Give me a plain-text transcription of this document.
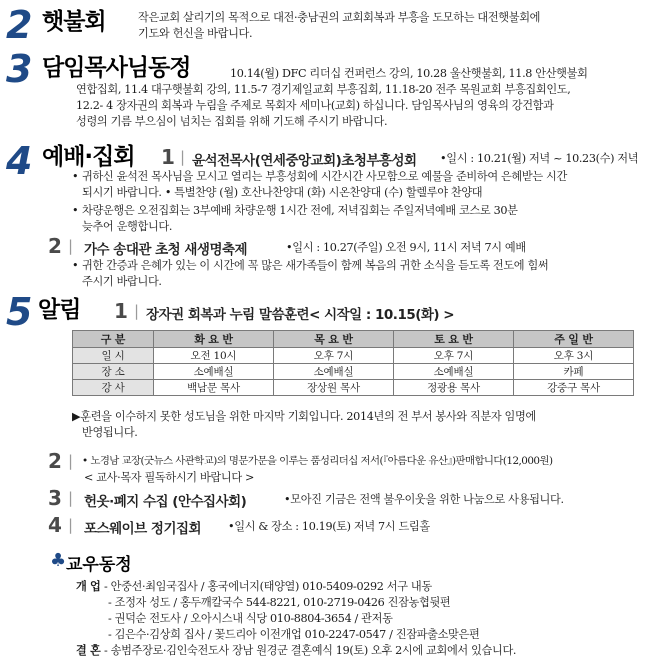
2 햇불회	작은교회 살리기의 목적으로 대전·충남권의 교회회복과 부흥을 도모하는 대전햇불회에
기도와 헌신을 바랍니다.
3 담임목사님동정	10.14(월) DFC 리더십 컨퍼런스 강의, 10.28 울산햇불회, 11.8 안산햇불회
연합집회, 11.4 대구햇불회 강의, 11.5-7 경기제일교회 부흥집회, 11.18-20 전주 목원교회 부흥집회인도,
12.2- 4 장자권의 회복과 누림을 주제로 목회자 세미나(교회) 하십니다. 담임목사님의 영육의 강건함과
성령의 기름 부으심이 넘치는 집회를 위해 기도해 주시기 바랍니다.
4 예배·집회 1 | 윤석전목사(연세중앙교회)초청부흥성회 •일시 : 10.21(월) 저녁 ~ 10.23(수) 저녁
• 귀하신 윤석전 목사님을 모시고 열리는 부흥성회에 시간시간 사모함으로 예물을 준비하여 은혜받는 시간
되시기 바랍니다. • 특별찬양 (월) 호산나찬양대 (화) 시온찬양대 (수) 할렐루야 찬양대
• 차량운행은 오전집회는 3부예배 차량운행 1시간 전에, 저녁집회는 주일저녁예배 코스로 30분
늦추어 운행합니다.
2 | 가수 송대관 초청 새생명축제	•일시 : 10.27(주일) 오전 9시, 11시 저녁 7시 예배
• 귀한 간증과 은혜가 있는 이 시간에 꼭 많은 새가족들이 함께 복음의 귀한 소식을 듣도록 전도에 힘써
주시기 바랍니다.
5 알림 1 | 장자권 회복과 누림 말씀훈련< 시작일 : 10.15(화) >
구 분	화 요 반	목 요 반	토 요 반	주 일 반
일 시	오전 10시	오후 7시	오후 7시	오후 3시
장 소	소예배실	소예배실	소예배실	카페
강 사	백남문 목사	장상원 목사	정광용 목사	강중구 목사
▶훈련을 이수하지 못한 성도님을 위한 마지막 기회입니다. 2014년의 전 부서 봉사와 직분자 임명에
반영됩니다.
2 | • 노경남 교장(굿뉴스 사관학교)의 명문가문을 이루는 품성리더십 저서(『아름다운 유산』)판매합니다(12,000원)
< 교사·목자 필독하시기 바랍니다 >
3 | 헌옷·폐지 수집 (안수집사회)	•모아진 기금은 전액 불우이웃을 위한 나눔으로 사용됩니다.
4 | 포스웨이브 정기집회 •일시 & 장소 : 10.19(토) 저녁 7시 드림홀
♣ 교우동정
개 업 - 안중선·최임국집사 / 홍국에너지(태양열) 010-5409-0292 서구 내동
- 조정자 성도 / 홍두깨칼국수 544-8221, 010-2719-0426 진잠농협뒷편
- 권덕순 전도사 / 오아시스내 식당 010-8804-3654 / 관저동
- 김은수·김상희 집사 / 꽃드리아 이전개업 010-2247-0547 / 진잠파출소맞은편
결 혼 - 송범주장로·김인숙전도사 장남 원경군 결혼예식 19(토) 오후 2시에 교회에서 있습니다.
